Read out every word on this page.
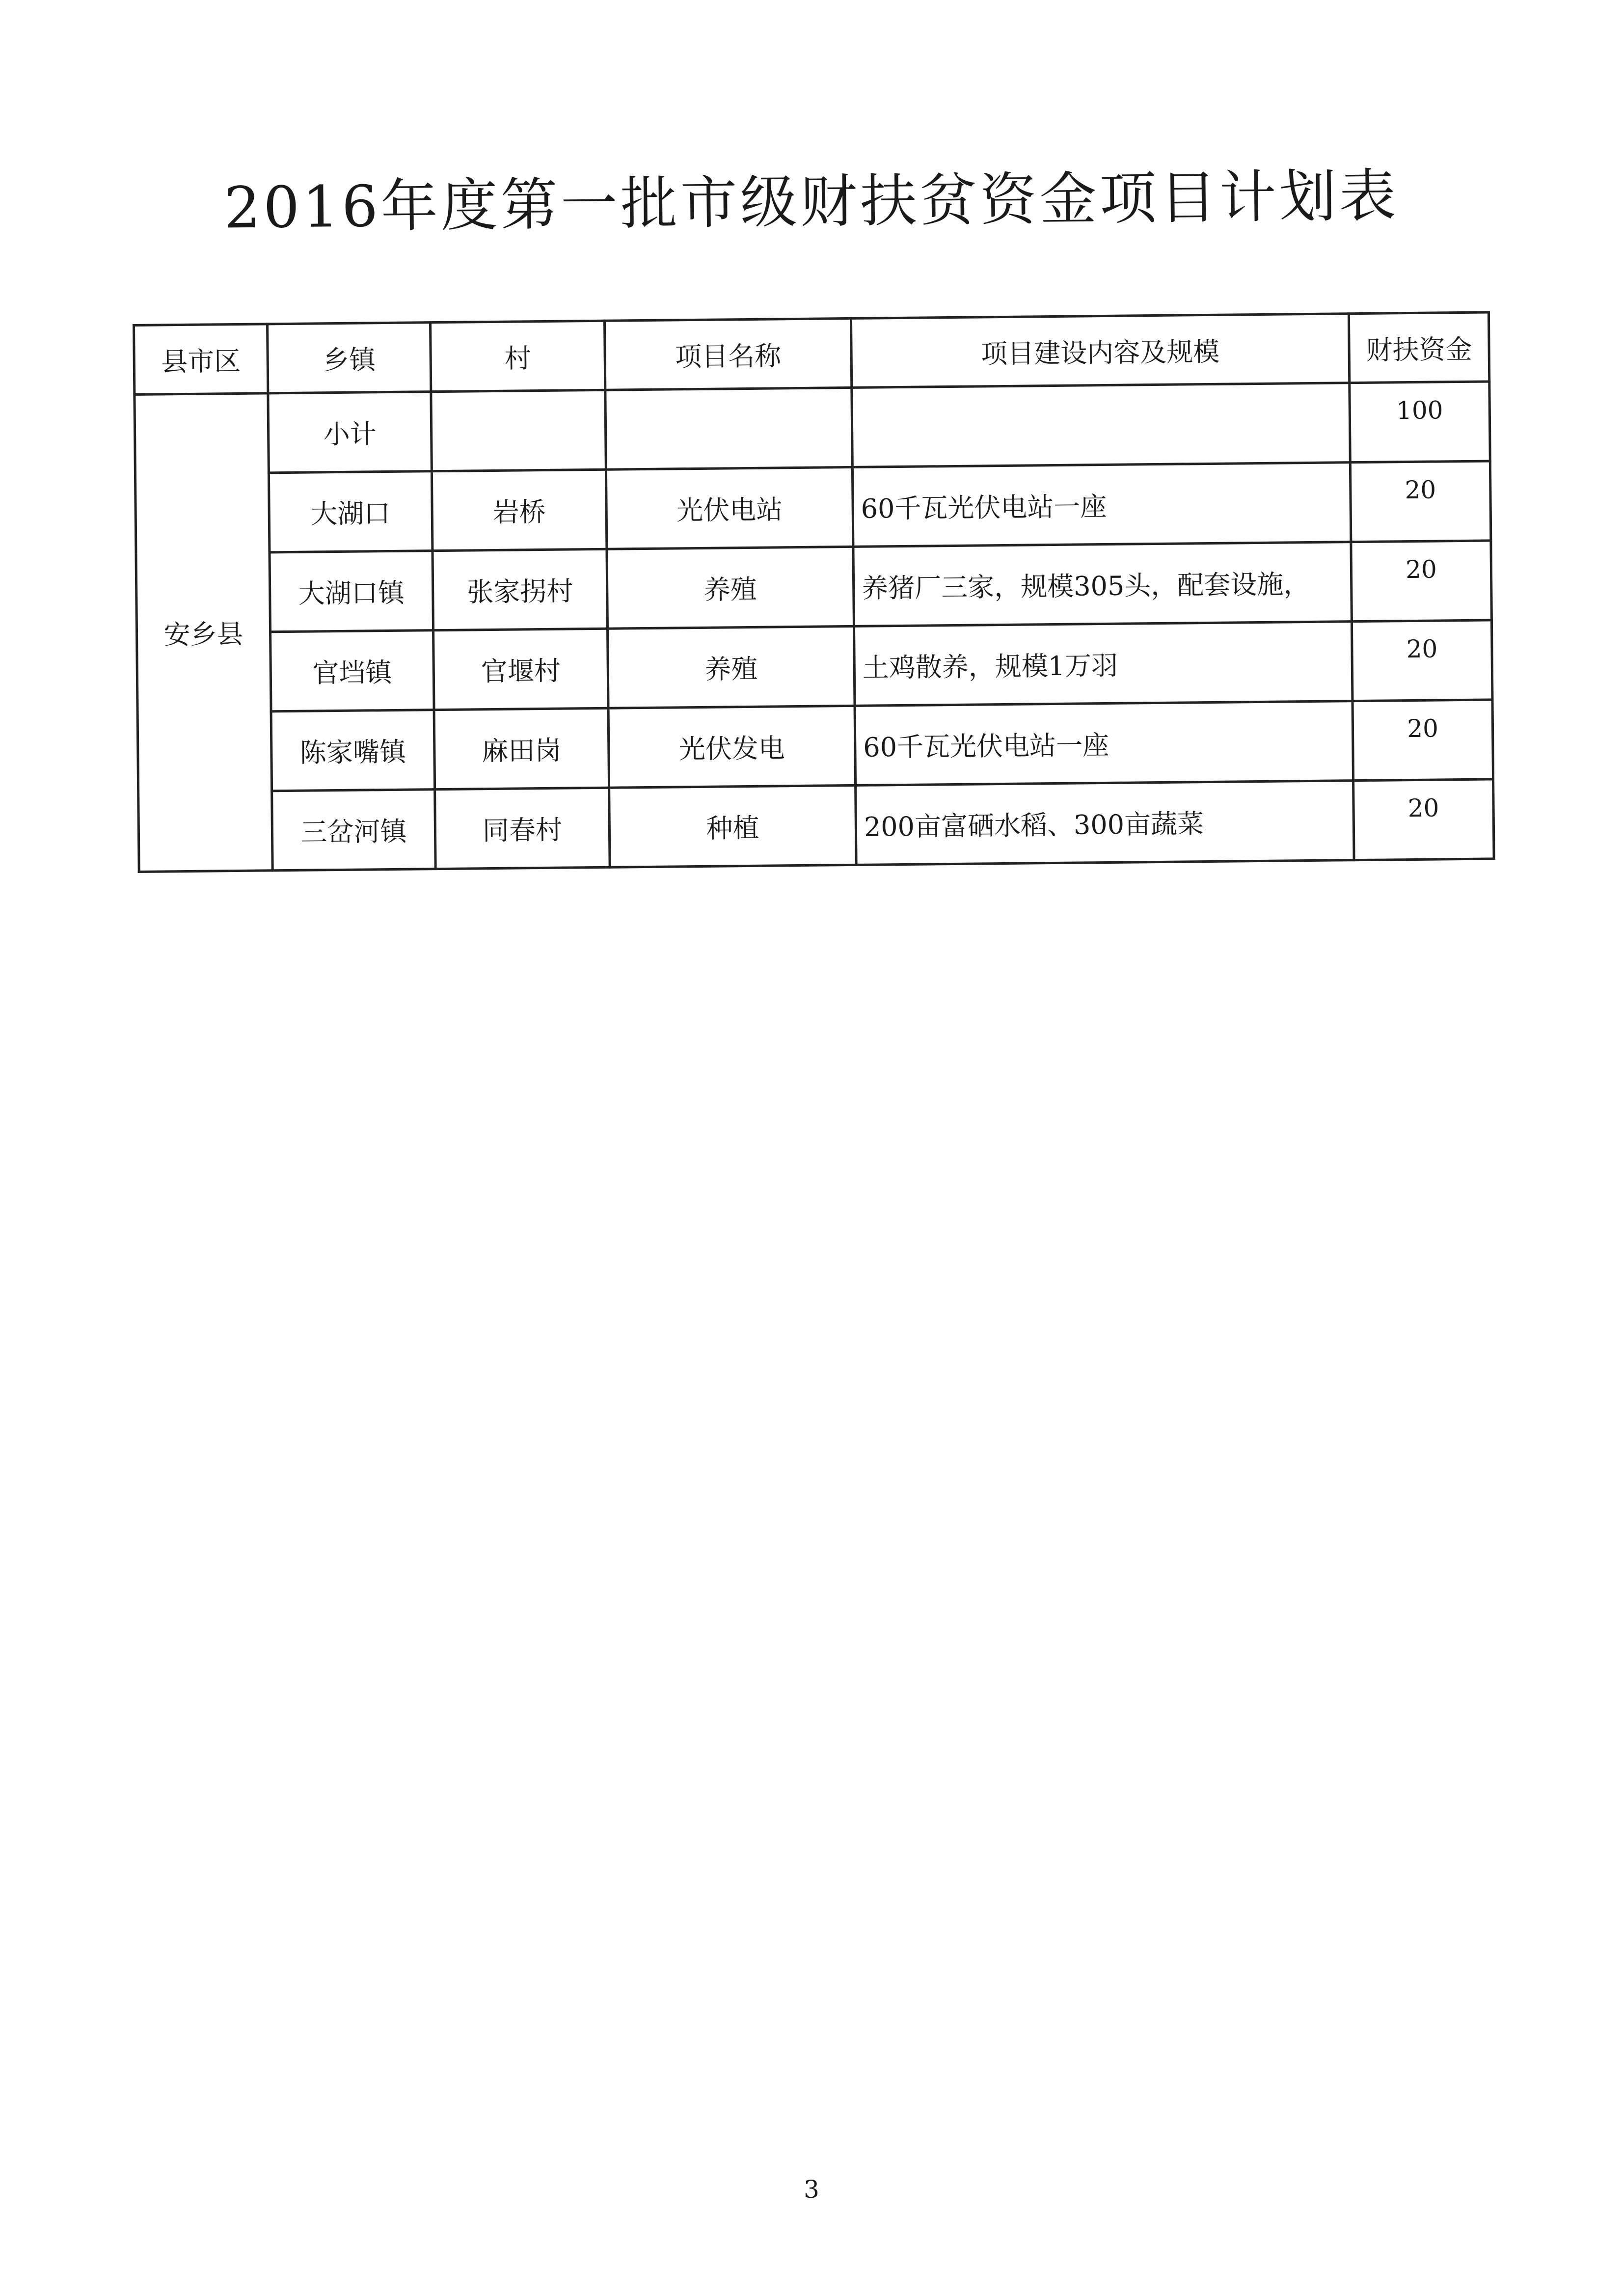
2016年度第一批市级财扶贫资金项目计划表
县市区	乡镇	村	项目名称	项目建设内容及规模	财扶资金
安乡县	小计				100
	大湖口	岩桥	光伏电站	60千瓦光伏电站一座	20
	大湖口镇	张家拐村	养殖	养猪厂三家，规模305头，配套设施，	20
	官垱镇	官堰村	养殖	土鸡散养，规模1万羽	20
	陈家嘴镇	麻田岗	光伏发电	60千瓦光伏电站一座	20
	三岔河镇	同春村	种植	200亩富硒水稻、300亩蔬菜	20
3
